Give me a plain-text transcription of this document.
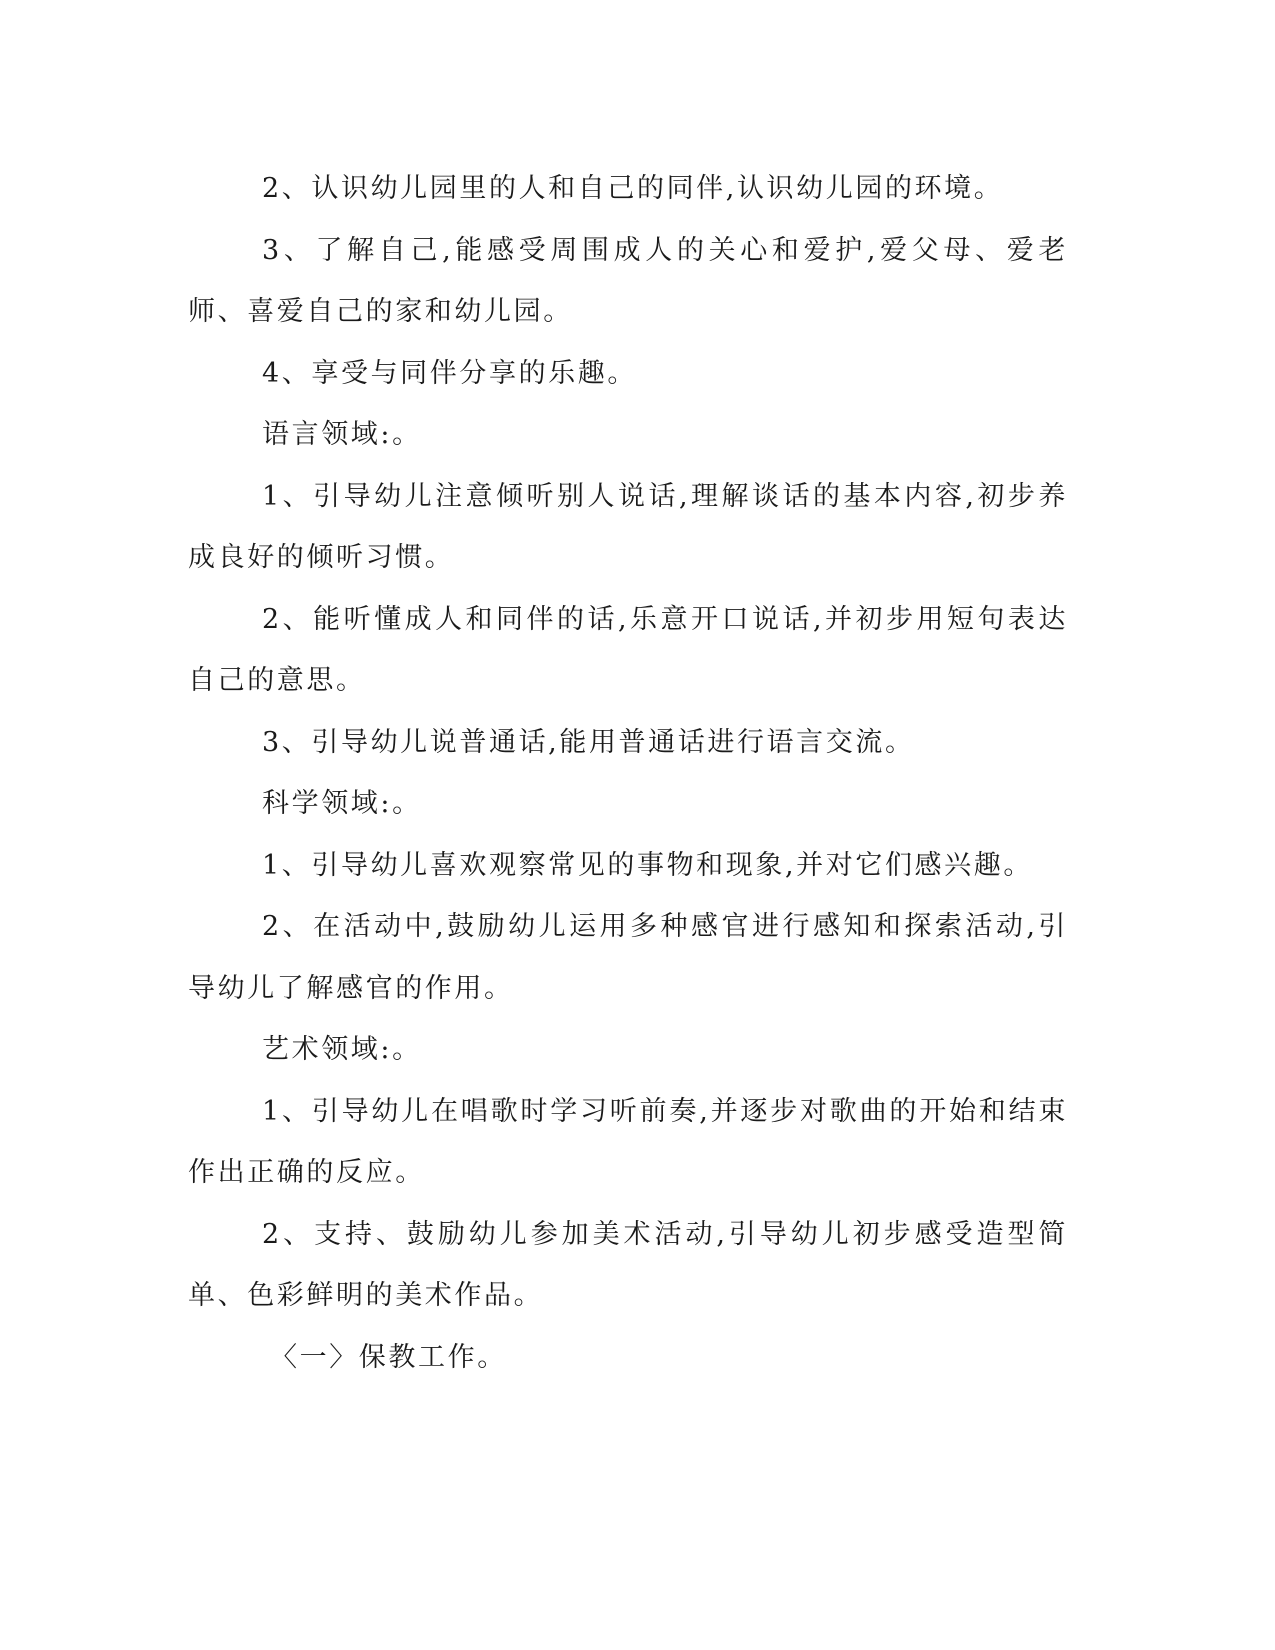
2、认识幼儿园里的人和自己的同伴,认识幼儿园的环境。

3、了解自己,能感受周围成人的关心和爱护,爱父母、爱老师、喜爱自己的家和幼儿园。

4、享受与同伴分享的乐趣。

语言领域:。

1、引导幼儿注意倾听别人说话,理解谈话的基本内容,初步养成良好的倾听习惯。

2、能听懂成人和同伴的话,乐意开口说话,并初步用短句表达自己的意思。

3、引导幼儿说普通话,能用普通话进行语言交流。

科学领域:。

1、引导幼儿喜欢观察常见的事物和现象,并对它们感兴趣。

2、在活动中,鼓励幼儿运用多种感官进行感知和探索活动,引导幼儿了解感官的作用。

艺术领域:。

1、引导幼儿在唱歌时学习听前奏,并逐步对歌曲的开始和结束作出正确的反应。

2、支持、鼓励幼儿参加美术活动,引导幼儿初步感受造型简单、色彩鲜明的美术作品。

〈一〉保教工作。
